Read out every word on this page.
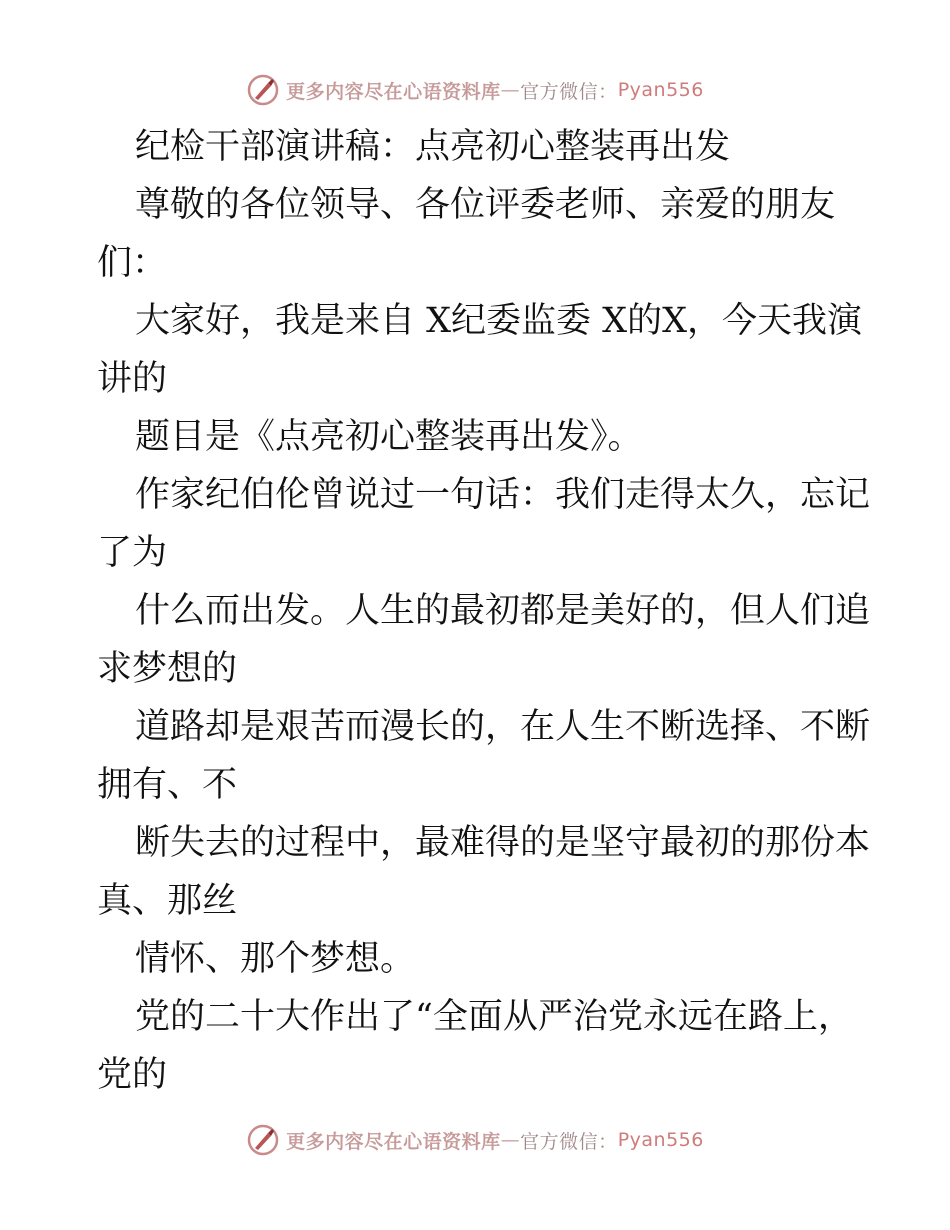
更多内容尽在心语资料库 — 官方微信： Pyan556
纪检干部演讲稿：点亮初心整装再出发
尊敬的各位领导、各位评委老师、亲爱的朋友
们：
大家好，我是来自 X纪委监委 X的X，今天我演
讲的
题目是《点亮初心整装再出发》。
作家纪伯伦曾说过一句话：我们走得太久，忘记
了为
什么而出发。人生的最初都是美好的，但人们追
求梦想的
道路却是艰苦而漫长的，在人生不断选择、不断
拥有、不
断失去的过程中，最难得的是坚守最初的那份本
真、那丝
情怀、那个梦想。
党的二十大作出了“全面从严治党永远在路上，
党的
更多内容尽在心语资料库 — 官方微信： Pyan556
